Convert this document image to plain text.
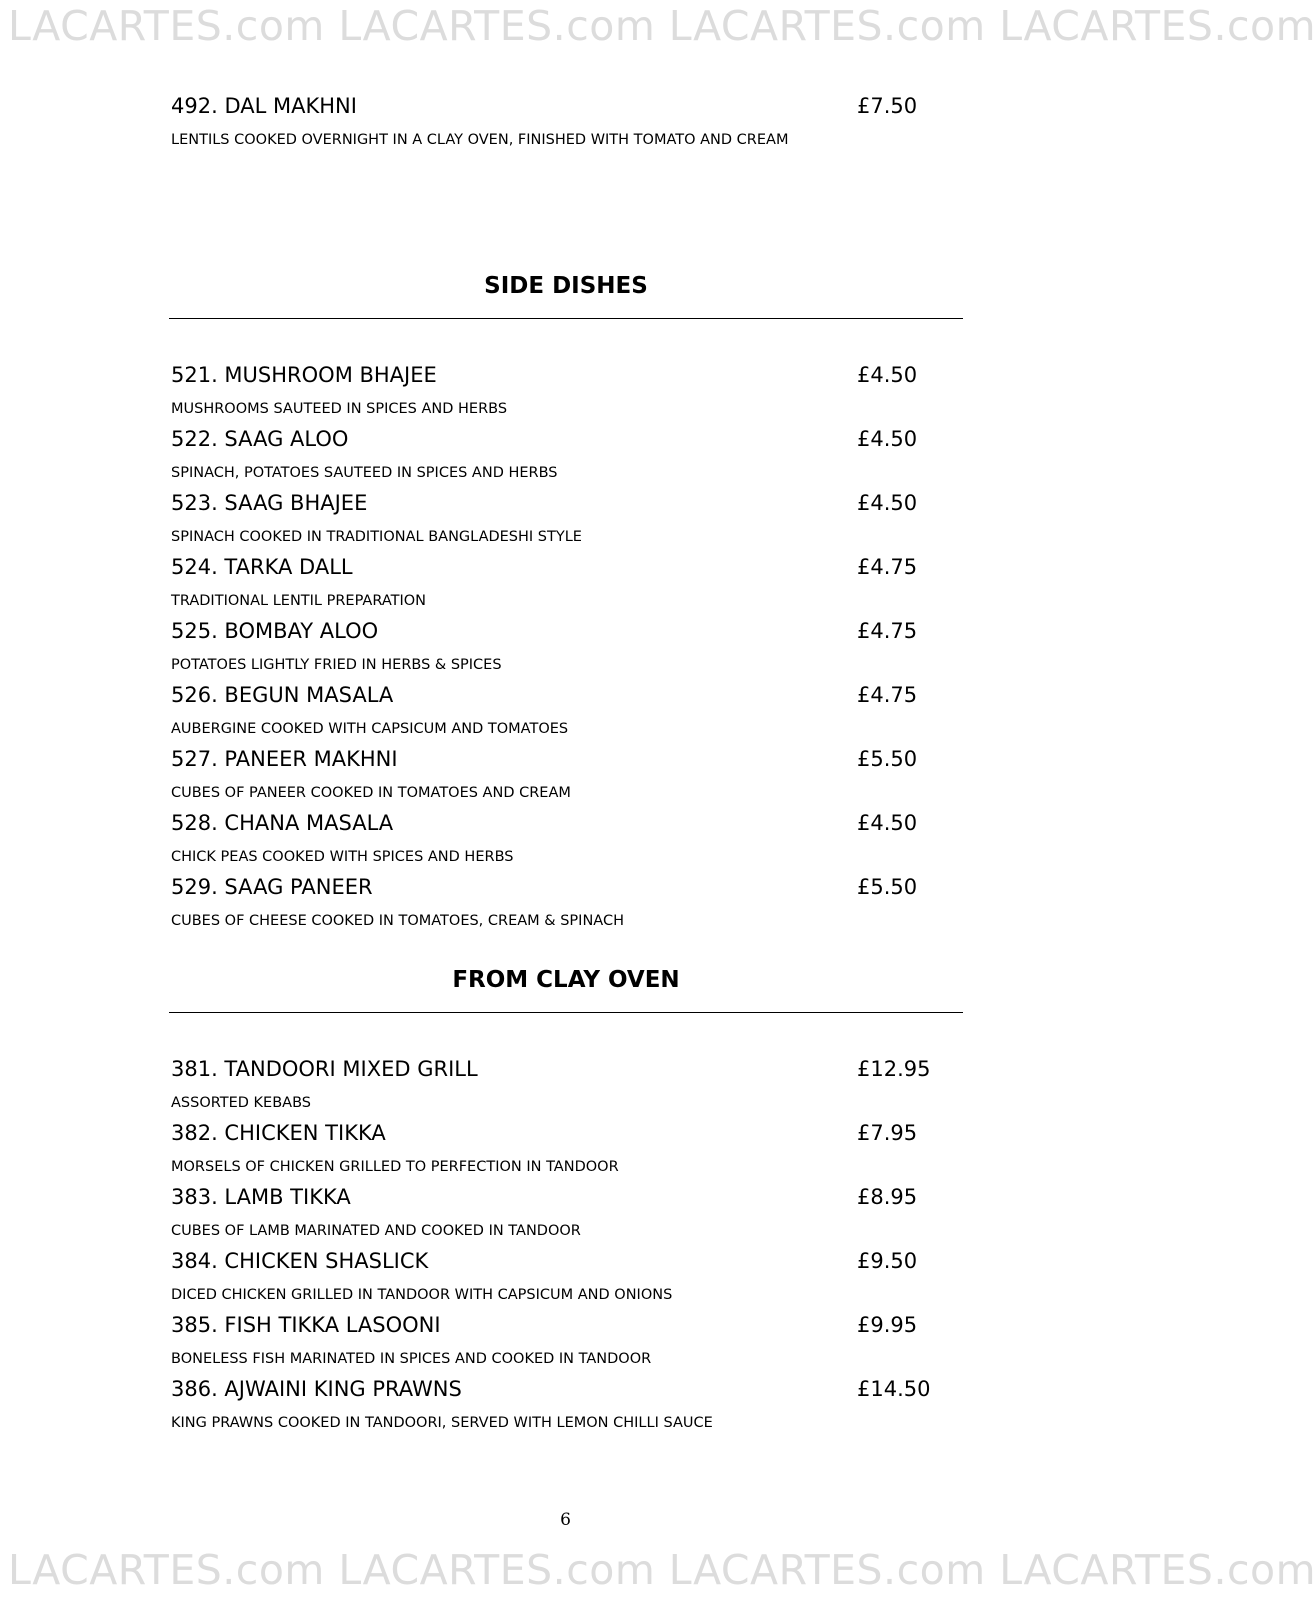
LACARTES.com LACARTES.com LACARTES.com LACARTES.com
492. DAL MAKHNI	£7.50
LENTILS COOKED OVERNIGHT IN A CLAY OVEN, FINISHED WITH TOMATO AND CREAM
SIDE DISHES
521. MUSHROOM BHAJEE	£4.50
MUSHROOMS SAUTEED IN SPICES AND HERBS
522. SAAG ALOO	£4.50
SPINACH, POTATOES SAUTEED IN SPICES AND HERBS
523. SAAG BHAJEE	£4.50
SPINACH COOKED IN TRADITIONAL BANGLADESHI STYLE
524. TARKA DALL	£4.75
TRADITIONAL LENTIL PREPARATION
525. BOMBAY ALOO	£4.75
POTATOES LIGHTLY FRIED IN HERBS & SPICES
526. BEGUN MASALA	£4.75
AUBERGINE COOKED WITH CAPSICUM AND TOMATOES
527. PANEER MAKHNI	£5.50
CUBES OF PANEER COOKED IN TOMATOES AND CREAM
528. CHANA MASALA	£4.50
CHICK PEAS COOKED WITH SPICES AND HERBS
529. SAAG PANEER	£5.50
CUBES OF CHEESE COOKED IN TOMATOES, CREAM & SPINACH
FROM CLAY OVEN
381. TANDOORI MIXED GRILL	£12.95
ASSORTED KEBABS
382. CHICKEN TIKKA	£7.95
MORSELS OF CHICKEN GRILLED TO PERFECTION IN TANDOOR
383. LAMB TIKKA	£8.95
CUBES OF LAMB MARINATED AND COOKED IN TANDOOR
384. CHICKEN SHASLICK	£9.50
DICED CHICKEN GRILLED IN TANDOOR WITH CAPSICUM AND ONIONS
385. FISH TIKKA LASOONI	£9.95
BONELESS FISH MARINATED IN SPICES AND COOKED IN TANDOOR
386. AJWAINI KING PRAWNS	£14.50
KING PRAWNS COOKED IN TANDOORI, SERVED WITH LEMON CHILLI SAUCE
6
LACARTES.com LACARTES.com LACARTES.com LACARTES.com
